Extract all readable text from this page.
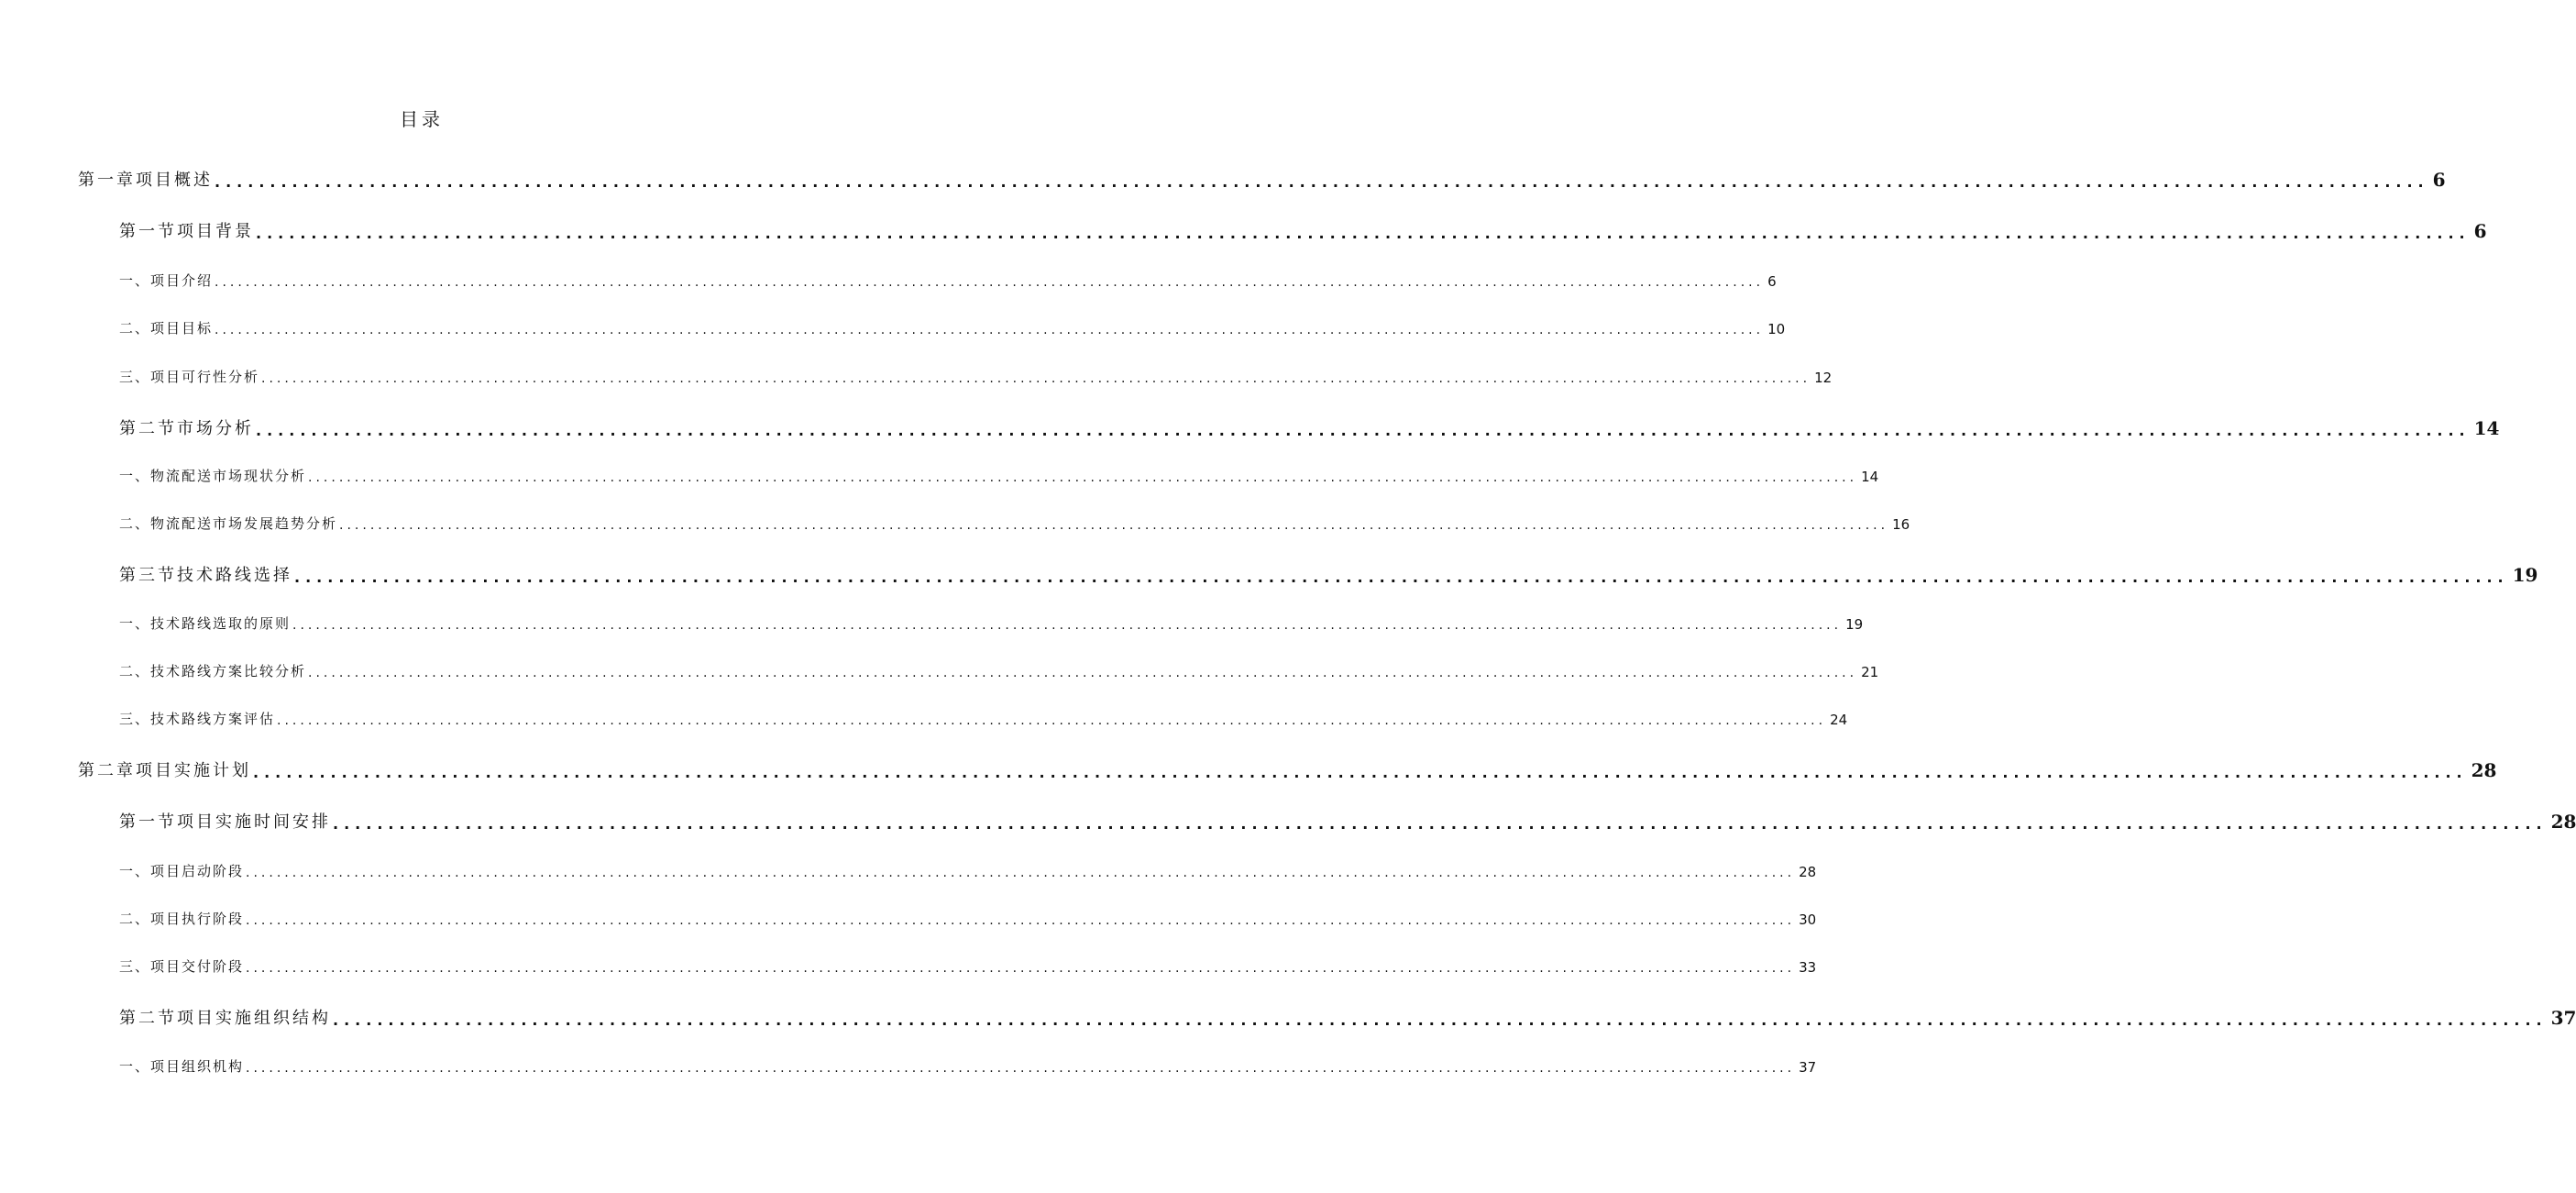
目录
第一章项目概述 ........................................................................................................................................................................................................ 6
第一节项目背景 ........................................................................................................................................................................................................ 6
一、项目介绍 ........................................................................................................................................................................................................ 6
二、项目目标 ........................................................................................................................................................................................................ 10
三、项目可行性分析 ........................................................................................................................................................................................................ 12
第二节市场分析 ........................................................................................................................................................................................................ 14
一、物流配送市场现状分析 ........................................................................................................................................................................................................ 14
二、物流配送市场发展趋势分析 ........................................................................................................................................................................................................ 16
第三节技术路线选择 ........................................................................................................................................................................................................ 19
一、技术路线选取的原则 ........................................................................................................................................................................................................ 19
二、技术路线方案比较分析 ........................................................................................................................................................................................................ 21
三、技术路线方案评估 ........................................................................................................................................................................................................ 24
第二章项目实施计划 ........................................................................................................................................................................................................ 28
第一节项目实施时间安排 ........................................................................................................................................................................................................ 28
一、项目启动阶段 ........................................................................................................................................................................................................ 28
二、项目执行阶段 ........................................................................................................................................................................................................ 30
三、项目交付阶段 ........................................................................................................................................................................................................ 33
第二节项目实施组织结构 ........................................................................................................................................................................................................ 37
一、项目组织机构 ........................................................................................................................................................................................................ 37
